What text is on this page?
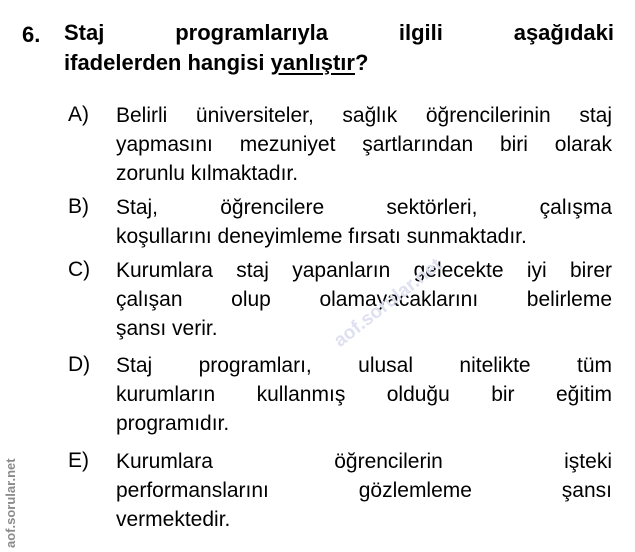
6. Staj programlarıyla ilgili aşağıdaki
ifadelerden hangisi yanlıştır?
A) Belirli üniversiteler, sağlık öğrencilerinin staj
yapmasını mezuniyet şartlarından biri olarak
zorunlu kılmaktadır.
B) Staj, öğrencilere sektörleri, çalışma
koşullarını deneyimleme fırsatı sunmaktadır.
C) Kurumlara staj yapanların gelecekte iyi birer
çalışan olup olamayacaklarını belirleme
şansı verir.
D) Staj programları, ulusal nitelikte tüm
kurumların kullanmış olduğu bir eğitim
programıdır.
E) Kurumlara öğrencilerin işteki
performanslarını gözlemleme şansı
vermektedir.
aof.sorular.net
aof.sorular.net
